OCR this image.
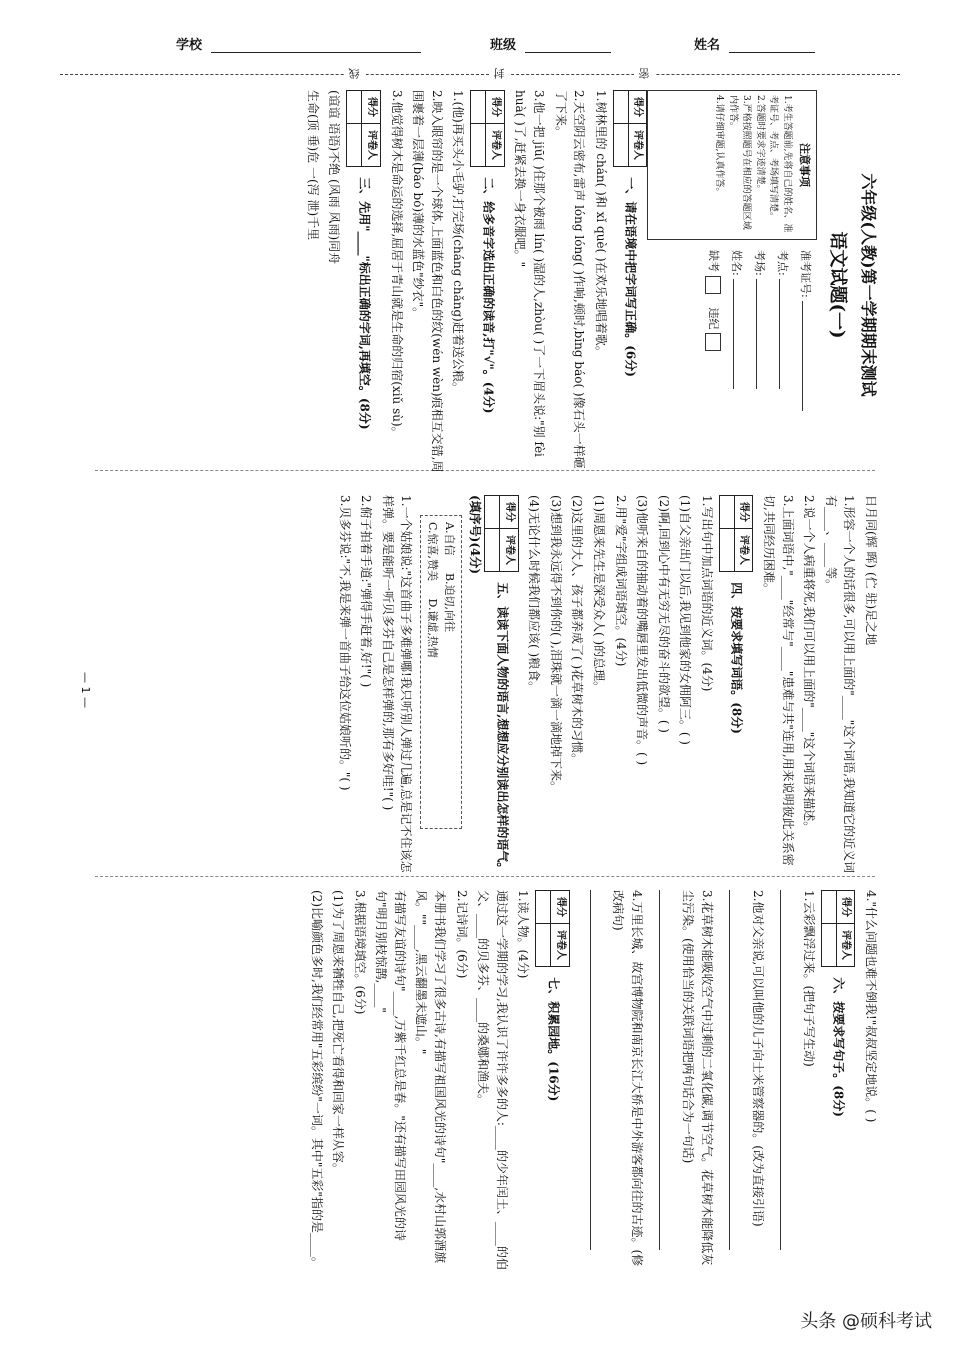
学校	班级	姓名
线	封	密
六年级(人教)第一学期期末测试
语文试题(一)
注意事项
1.考生答题前,先将自己的姓名、准考证号、考点、考场填写清楚。
2.答题时要求字迹清楚。
3.严格按照题号在相应的答题区域内作答。
4.请仔细审题,认真作答。
准考证号:
考点:
考场:
姓名:
缺考     违纪
得分	评卷人
	一、请在语境中把字词写正确。(6分)

1.树林里的 chán( )和 xǐ què( )在欢乐地唱着歌。

2.天空阴云密布,雷声 lóng lóng( )作响,顿时,bīng báo( )像石头一样砸了下来。

3.他一把 jiū( )住那个被雨 lín( )湿的人,zhòu( )了一下眉头说:"别 fèi huà( )了,赶紧去换一身衣服吧。"

得分	评卷人
	二、给多音字选出正确的读音,打"√"。(4分)

1.(他)再买头小毛驴,打完场(cháng chǎng)赶着送公粮。

2.映入眼帘的是一个球体,上面蓝色和白色的纹(wén wèn)痕相互交错,周围裹着一层薄(báo bó)薄的水蓝色"纱衣"。

3.他觉得树木是命运的选择,屈居于青山就是生命的归宿(xiǔ sù)。

得分	评卷人
	三、先用"____"标出正确的字词,再填空。(8分)

(谊谊 语语)不绝 (风雨 风雨)同舟

生命(顶 垂)危 一(泻 泄)千里

日月同(辉 晖) (伫 驻)足之地

1.形容一个人的话很多,可以用上面的"____"这个词语,我知道它的近义词有____、____等。

2.说一个人病重将死,我们可以用上面的"____"这个词语来描述。

3.上面词语中,"____"经常与"____"患难与共"连用,用来说明彼此关系密切,共同经历困难。

得分	评卷人
	四、按要求填写词语。(8分)

1.写出句中加点词语的近义词。(4分)

(1)自父亲出门以后,我见到他家的女佣阿三。( )

(2)啊,回到心中有无穷无尽的奋斗的欲望。( )

(3)他听来自的抽动着的嘴唇里发出低微的声音。( )

2.用"爱"字组成词语填空。(4分)

(1)周恩来先生是深受众人( )的总理。

(2)这里的大人、孩子都养成了( )花草树木的习惯。

(3)想到我永远得不到你的( ),泪珠就一滴一滴地掉下来。

(4)无论什么时候我们都应该( )粮食。

得分	评卷人
	五、读读下面人物的语言,想想应分别读出怎样的语气。(填序号)(4分)
A.自信     B.迫切,向往
C.惊喜,赞美     D.谦虚,热情

1.一个姑娘说:"这首曲子多难弹哪!我只听别人弹过几遍,总是记不住该怎样弹。要是能听一听贝多芬自己是怎样弹的,那有多好哇!"( )

2.俯子拍着手道:"弹得手赶着,好!"( )

3.贝多芬说:"不,我是来弹一首曲子给这位姑娘听的。"( )

4."什么问题也难不倒我!"叔叔坚定地说。( )

得分	评卷人
	六、按要求写句子。(8分)

1.云彩飘浮过来。(把句子写生动)

2.他对父亲说,可以叫他的儿子向士米管察器的。(改为直接引语)

3.花草树木能吸收空气中过剩的二氧化碳,调节空气。花草树木能降低灰尘污染。(使用恰当的关联词语把两句话合为一句话)

4.万里长城、故宫博物院和南京长江大桥是中外游客都向往的古迹。(修改病句)

得分	评卷人
	七、积累园地。(16分)

1.读人物。(4分)

通过这一学期的学习,我认识了许许多多的人:____的少年闰土、____的伯父、____的贝多芬、____的桑娜和渔夫。

2.记诗词。(6分)

本册书我们学习了很多古诗,有描写祖国风光的诗句"____,水村山郭酒旗风。""____,黑云翻墨未遮山。"

有描写友谊的诗句"____,万紫千红总是春。"还有描写田园风光的诗句"明月别枝惊鹊,____"

3.根据语境填空。(6分)

(1)为了周恩来牺牲自己,把死亡看得和回家一样从容。

(2)比喻颜色多时,我们经常用"五彩缤纷"一词。其中"五彩"指的是____。

— 1 —
头条 @硕科考试
